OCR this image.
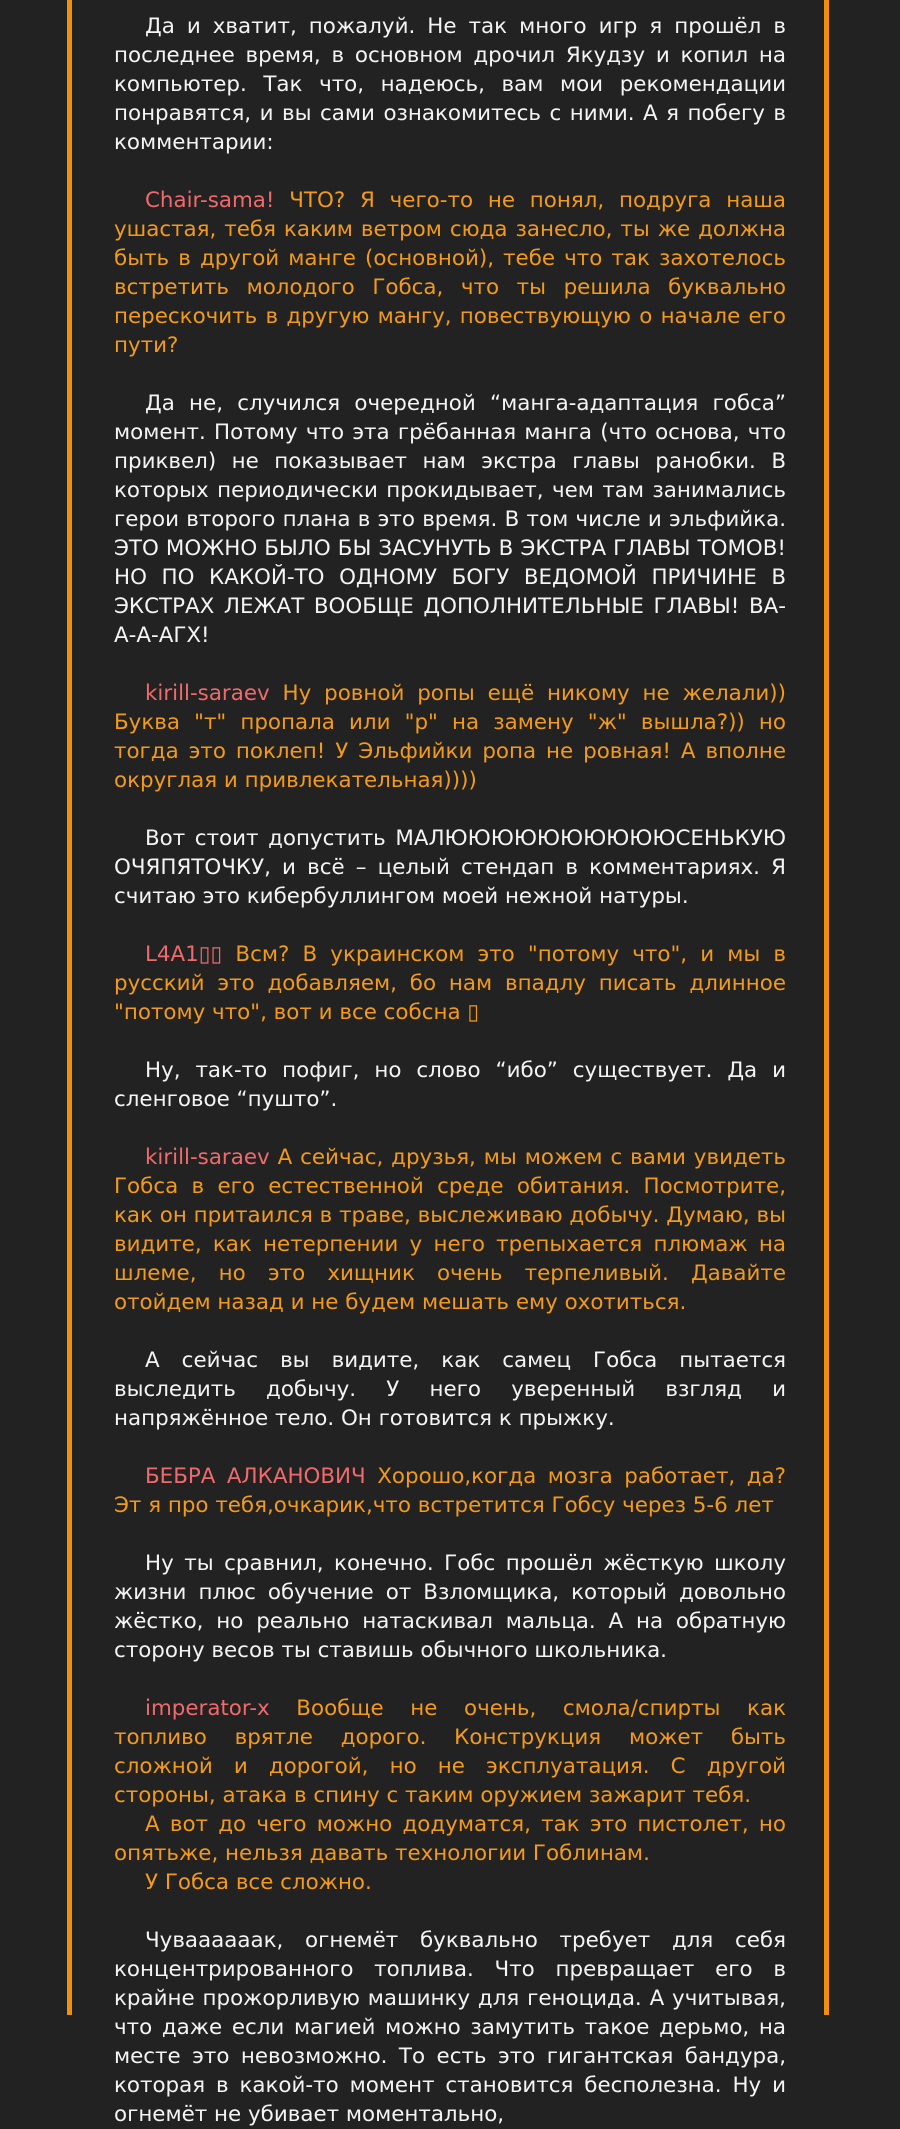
Да и хватит, пожалуй. Не так много игр я прошёл в последнее время, в основном дрочил Якудзу и копил на компьютер. Так что, надеюсь, вам мои рекомендации понравятся, и вы сами ознакомитесь с ними. А я побегу в комментарии:

Chair-sama! ЧТО? Я чего-то не понял, подруга наша ушастая, тебя каким ветром сюда занесло, ты же должна быть в другой манге (основной), тебе что так захотелось встретить молодого Гобса, что ты решила буквально перескочить в другую мангу, повествующую о начале его пути?

Да не, случился очередной “манга-адаптация гобса” момент. Потому что эта грёбанная манга (что основа, что приквел) не показывает нам экстра главы ранобки. В которых периодически прокидывает, чем там занимались герои второго плана в это время. В том числе и эльфийка. ЭТО МОЖНО БЫЛО БЫ ЗАСУНУТЬ В ЭКСТРА ГЛАВЫ ТОМОВ! НО ПО КАКОЙ-ТО ОДНОМУ БОГУ ВЕДОМОЙ ПРИЧИНЕ В ЭКСТРАХ ЛЕЖАТ ВООБЩЕ ДОПОЛНИТЕЛЬНЫЕ ГЛАВЫ! ВА-А-А-АГХ!

kirill-saraev Ну ровной ропы ещё никому не желали)) Буква "т" пропала или "р" на замену "ж" вышла?)) но тогда это поклеп! У Эльфийки ропа не ровная! А вполне округлая и привлекательная))))

Вот стоит допустить МАЛЮЮЮЮЮЮЮЮЮЮСЕНЬКУЮ ОЧЯПЯТОЧКУ, и всё – целый стендап в комментариях. Я считаю это кибербуллингом моей нежной натуры.

L4A1▯▯ Всм? В украинском это "потому что", и мы в русский это добавляем, бо нам впадлу писать длинное "потому что", вот и все собсна ▯

Ну, так-то пофиг, но слово “ибо” существует. Да и сленговое “пушто”.

kirill-saraev А сейчас, друзья, мы можем с вами увидеть Гобса в его естественной среде обитания. Посмотрите, как он притаился в траве, выслеживаю добычу. Думаю, вы видите, как нетерпении у него трепыхается плюмаж на шлеме, но это хищник очень терпеливый. Давайте отойдем назад и не будем мешать ему охотиться.

А сейчас вы видите, как самец Гобса пытается выследить добычу. У него уверенный взгляд и напряжённое тело. Он готовится к прыжку.

БЕБРА АЛКАНОВИЧ Хорошо,когда мозга работает, да?Эт я про тебя,очкарик,что встретится Гобсу через 5-6 лет

Ну ты сравнил, конечно. Гобс прошёл жёсткую школу жизни плюс обучение от Взломщика, который довольно жёстко, но реально натаскивал мальца. А на обратную сторону весов ты ставишь обычного школьника.

imperator-x Вообще не очень, смола/спирты как топливо врятле дорого. Конструкция может быть сложной и дорогой, но не эксплуатация. С другой стороны, атака в спину с таким оружием зажарит тебя.

А вот до чего можно додуматся, так это пистолет, но опятьже, нельзя давать технологии Гоблинам.

У Гобса все сложно.

Чуваааааак, огнемёт буквально требует для себя концентрированного топлива. Что превращает его в крайне прожорливую машинку для геноцида. А учитывая, что даже если магией можно замутить такое дерьмо, на месте это невозможно. То есть это гигантская бандура, которая в какой-то момент становится бесполезна. Ну и огнемёт не убивает моментально,
